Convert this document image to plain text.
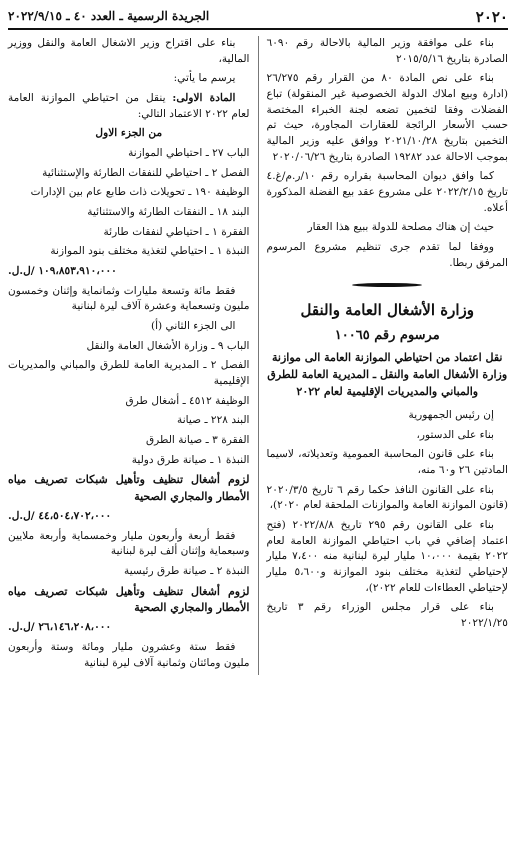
٢٠٢٠
الجريدة الرسمية ـ العدد ٤٠ ـ ٢٠٢٢/٩/١٥

بناء على موافقة وزير المالية بالاحالة رقم ٦٠٩٠ الصادرة بتاريخ ٢٠١٥/٥/١٦

بناء على نص المادة ٨٠ من القرار رقم ٢٦/٢٧٥ (ادارة وبيع املاك الدولة الخصوصية غير المنقولة) تباع الفضلات وفقا لتخمين تضعه لجنة الخبراء المختصة حسب الأسعار الرائجة للعقارات المجاورة، حيث تم التخمين بتاريخ ٢٠٢١/١٠/٢٨ ووافق عليه وزير المالية بموجب الاحالة عدد ١٩٢٨٢ الصادرة بتاريخ ٢٠٢٠/٠٦/٢٦

كما وافق ديوان المحاسبة بقراره رقم ١٠/ر.م/غ.٤ تاريخ ٢٠٢٢/٢/١٥ على مشروع عقد بيع الفضلة المذكورة أعلاه.

حيث إن هناك مصلحة للدولة ببيع هذا العقار

ووفقا لما تقدم جرى تنظيم مشروع المرسوم المرفق ربطا.

وزارة الأشغال العامة والنقل
مرسوم رقم ١٠٠٦٥
نقل اعتماد من احتياطي الموازنة العامة الى موازنة وزارة الأشغال العامة والنقل ـ المديرية العامة للطرق والمباني والمديريات الإقليمية لعام ٢٠٢٢

إن رئيس الجمهورية

بناء على الدستور،

بناء على قانون المحاسبة العمومية وتعديلاته، لاسيما المادتين ٢٦ و٦٠ منه،

بناء على القانون النافذ حكما رقم ٦ تاريخ ٢٠٢٠/٣/٥ (قانون الموازنة العامة والموازنات الملحقة لعام ٢٠٢٠)،

بناء على القانون رقم ٢٩٥ تاريخ ٢٠٢٢/٨/٨ (فتح اعتماد إضافي في باب احتياطي الموازنة العامة لعام ٢٠٢٢ بقيمة ١٠،٠٠٠ مليار ليرة لبنانية منه ٧،٤٠٠ مليار لإحتياطي لتغذية مختلف بنود الموازنة و٥،٦٠٠ مليار لإحتياطي العطاءات للعام ٢٠٢٢)،

بناء على قرار مجلس الوزراء رقم ٣ تاريخ ٢٠٢٢/١/٢٥

بناء على اقتراح وزير الاشغال العامة والنقل ووزير المالية،

يرسم ما يأتي:

المادة الاولى: ينقل من احتياطي الموازنة العامة لعام ٢٠٢٢ الاعتماد التالي:

من الجزء الاول

الباب ٢٧ ـ احتياطي الموازنة

الفصل ٢ ـ احتياطي للنفقات الطارئة والإستثنائية

الوظيفة ١٩٠ ـ تحويلات ذات طابع عام بين الإدارات

البند ١٨ ـ النفقات الطارئة والاستثنائية

الفقرة ١ ـ احتياطي لنفقات طارئة

النبذة ١ ـ احتياطي لتغذية مختلف بنود الموازنة

١٠٩،٨٥٣،٩١٠،٠٠٠ /ل.ل.

فقط مائة وتسعة مليارات وثمانماية وإثنان وخمسون مليون وتسعماية وعشرة آلاف ليرة لبنانية

الى الجزء الثاني (أ)

الباب ٩ ـ وزارة الأشغال العامة والنقل

الفصل ٢ ـ المديرية العامة للطرق والمباني والمديريات الإقليمية

الوظيفة ٤٥١٢ ـ أشغال طرق

البند ٢٢٨ ـ صيانة

الفقرة ٣ ـ صيانة الطرق

النبذة ١ ـ صيانة طرق دولية

لزوم أشغال تنظيف وتأهيل شبكات تصريف مياه الأمطار والمجاري الصحية

٤٤،٥٠٤،٧٠٢،٠٠٠ /ل.ل.

فقط أربعة وأربعون مليار وخمسماية وأربعة ملايين وسبعماية وإثنان ألف ليرة لبنانية

النبذة ٢ ـ صيانة طرق رئيسية

لزوم أشغال تنظيف وتأهيل شبكات تصريف مياه الأمطار والمجاري الصحية

٢٦،١٤٦،٢٠٨،٠٠٠ /ل.ل.

فقط ستة وعشرون مليار ومائة وستة وأربعون مليون ومائتان وثمانية آلاف ليرة لبنانية
